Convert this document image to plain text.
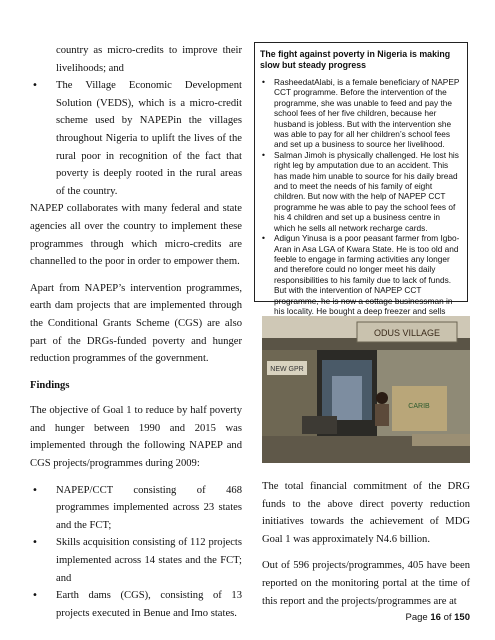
country as micro-credits to improve their livelihoods; and

• The Village Economic Development Solution (VEDS), which is a micro-credit scheme used by NAPEPin the villages throughout Nigeria to uplift the lives of the rural poor in recognition of the fact that poverty is deeply rooted in the rural areas of the country.

NAPEP collaborates with many federal and state agencies all over the country to implement these programmes through which micro-credits are channelled to the poor in order to empower them.

Apart from NAPEP’s intervention programmes, earth dam projects that are implemented through the Conditional Grants Scheme (CGS) are also part of the DRGs-funded poverty and hunger reduction programmes of the government.

Findings

The objective of Goal 1 to reduce by half poverty and hunger between 1990 and 2015 was implemented through the following NAPEP and CGS projects/programmes during 2009:

• NAPEP/CCT consisting of 468 programmes implemented across 23 states and the FCT;
• Skills acquisition consisting of 112 projects implemented across 14 states and the FCT; and
• Earth dams (CGS), consisting of 13 projects executed in Benue and Imo states.

The fight against poverty in Nigeria is making slow but steady progress

• RasheedatAlabi, is a female beneficiary of NAPEP CCT programme. Before the intervention of the programme, she was unable to feed and pay the school fees of her five children, because her husband is jobless. But with the intervention she was able to pay for all her children’s school fees and set up a business to source her livelihood.
• Salman Jimoh is physically challenged. He lost his right leg by amputation due to an accident. This has made him unable to source for his daily bread and to meet the needs of his family of eight children. But now with the help of NAPEP CCT programme he was able to pay the school fees of his 4 children and set up a business centre in which he sells all network recharge cards.
• Adigun Yinusa is a poor peasant farmer from Igbo-Aran in Asa LGA of Kwara State. He is too old and feeble to engage in farming activities any longer and therefore could no longer meet his daily responsibilities to his family due to lack of funds. But with the intervention of NAPEP CCT programme, he is now a cottage businessman in his locality. He bought a deep freezer and sells
ODUS VILLAGE
NEW GPR
CARIB

The total financial commitment of the DRG funds to the above direct poverty reduction initiatives towards the achievement of MDG Goal 1 was approximately N4.6 billion.

Out of 596 projects/programmes, 405 have been reported on the monitoring portal at the time of this report and the projects/programmes are at

Page 16 of 150
